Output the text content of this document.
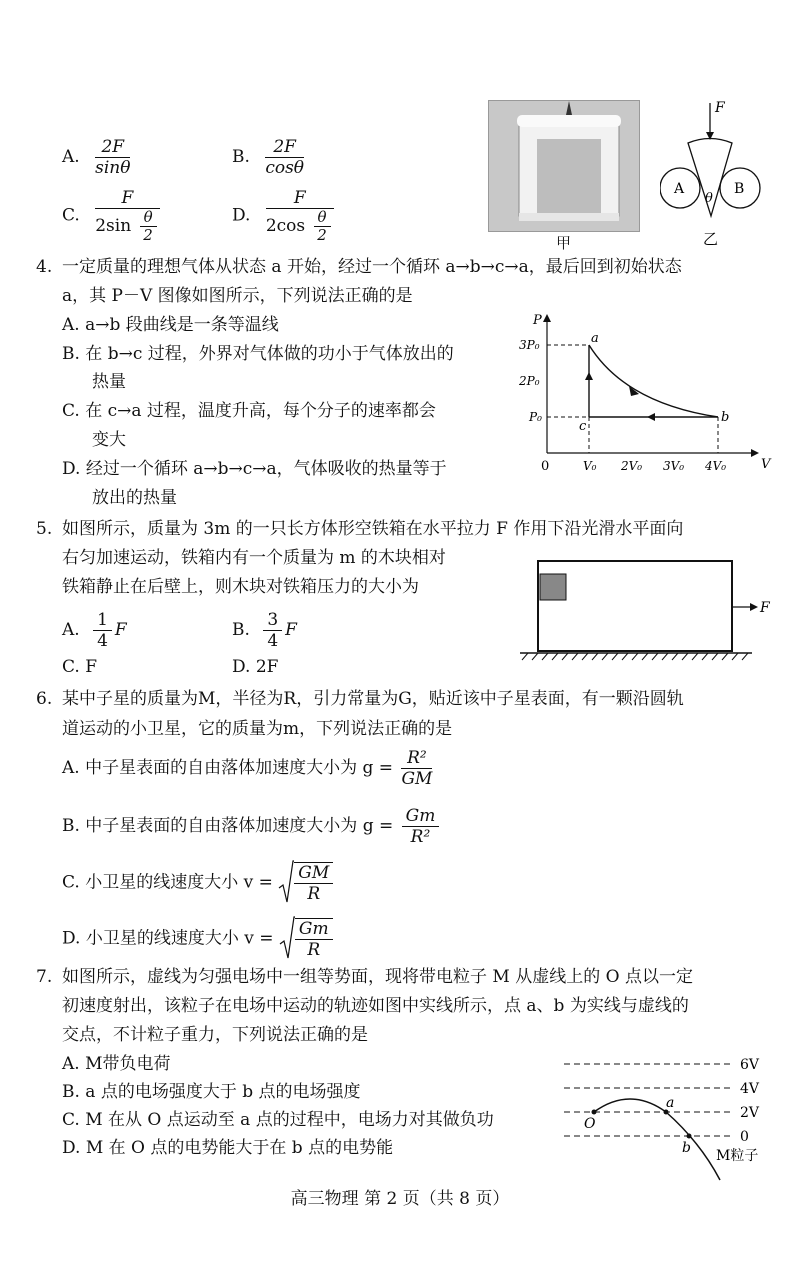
A. $\frac{2F}{\sin\theta}$	B. $\frac{2F}{\cos\theta}$
C. $\frac{F}{2\sin \frac{\theta}{2}}$	D. $\frac{F}{2\cos \frac{\theta}{2}}$	甲
F
A	B
θ
乙
4. 一定质量的理想气体从状态 a 开始，经过一个循环 a→b→c→a，最后回到初始状态
a，其 P－V 图像如图所示，下列说法正确的是
A. a→b 段曲线是一条等温线
B. 在 b→c 过程，外界对气体做的功小于气体放出的
热量
C. 在 c→a 过程，温度升高，每个分子的速率都会
变大
D. 经过一个循环 a→b→c→a，气体吸收的热量等于
放出的热量
P
V
0
3P₀
2P₀
P₀
V₀ 2V₀ 3V₀ 4V₀
a
b
c
5. 如图所示，质量为 3m 的一只长方体形空铁箱在水平拉力 F 作用下沿光滑水平面向
右匀加速运动，铁箱内有一个质量为 m 的木块相对
铁箱静止在后壁上，则木块对铁箱压力的大小为
A. $\frac{1}{4}$ F	B. $\frac{3}{4}$ F
C. F	D. 2F
F
6. 某中子星的质量为M，半径为R，引力常量为G，贴近该中子星表面，有一颗沿圆轨
道运动的小卫星，它的质量为m，下列说法正确的是
A. 中子星表面的自由落体加速度大小为 $g = \frac{\text{R²}}{GM}$
B. 中子星表面的自由落体加速度大小为 $g = \frac{Gm}{\text{R²}}$
C. 小卫星的线速度大小 $v = \frac{GM}{R}$
D. 小卫星的线速度大小 $v = \frac{Gm}{R}$
7. 如图所示，虚线为匀强电场中一组等势面，现将带电粒子 M 从虚线上的 O 点以一定
初速度射出，该粒子在电场中运动的轨迹如图中实线所示，点 a、b 为实线与虚线的
交点，不计粒子重力，下列说法正确的是
A. M带负电荷
B. a 点的电场强度大于 b 点的电场强度
C. M 在从 O 点运动至 a 点的过程中，电场力对其做负功
D. M 在 O 点的电势能大于在 b 点的电势能
6V
4V
2V
0
O
a
b M粒子
高三物理 第 2 页（共 8 页）
